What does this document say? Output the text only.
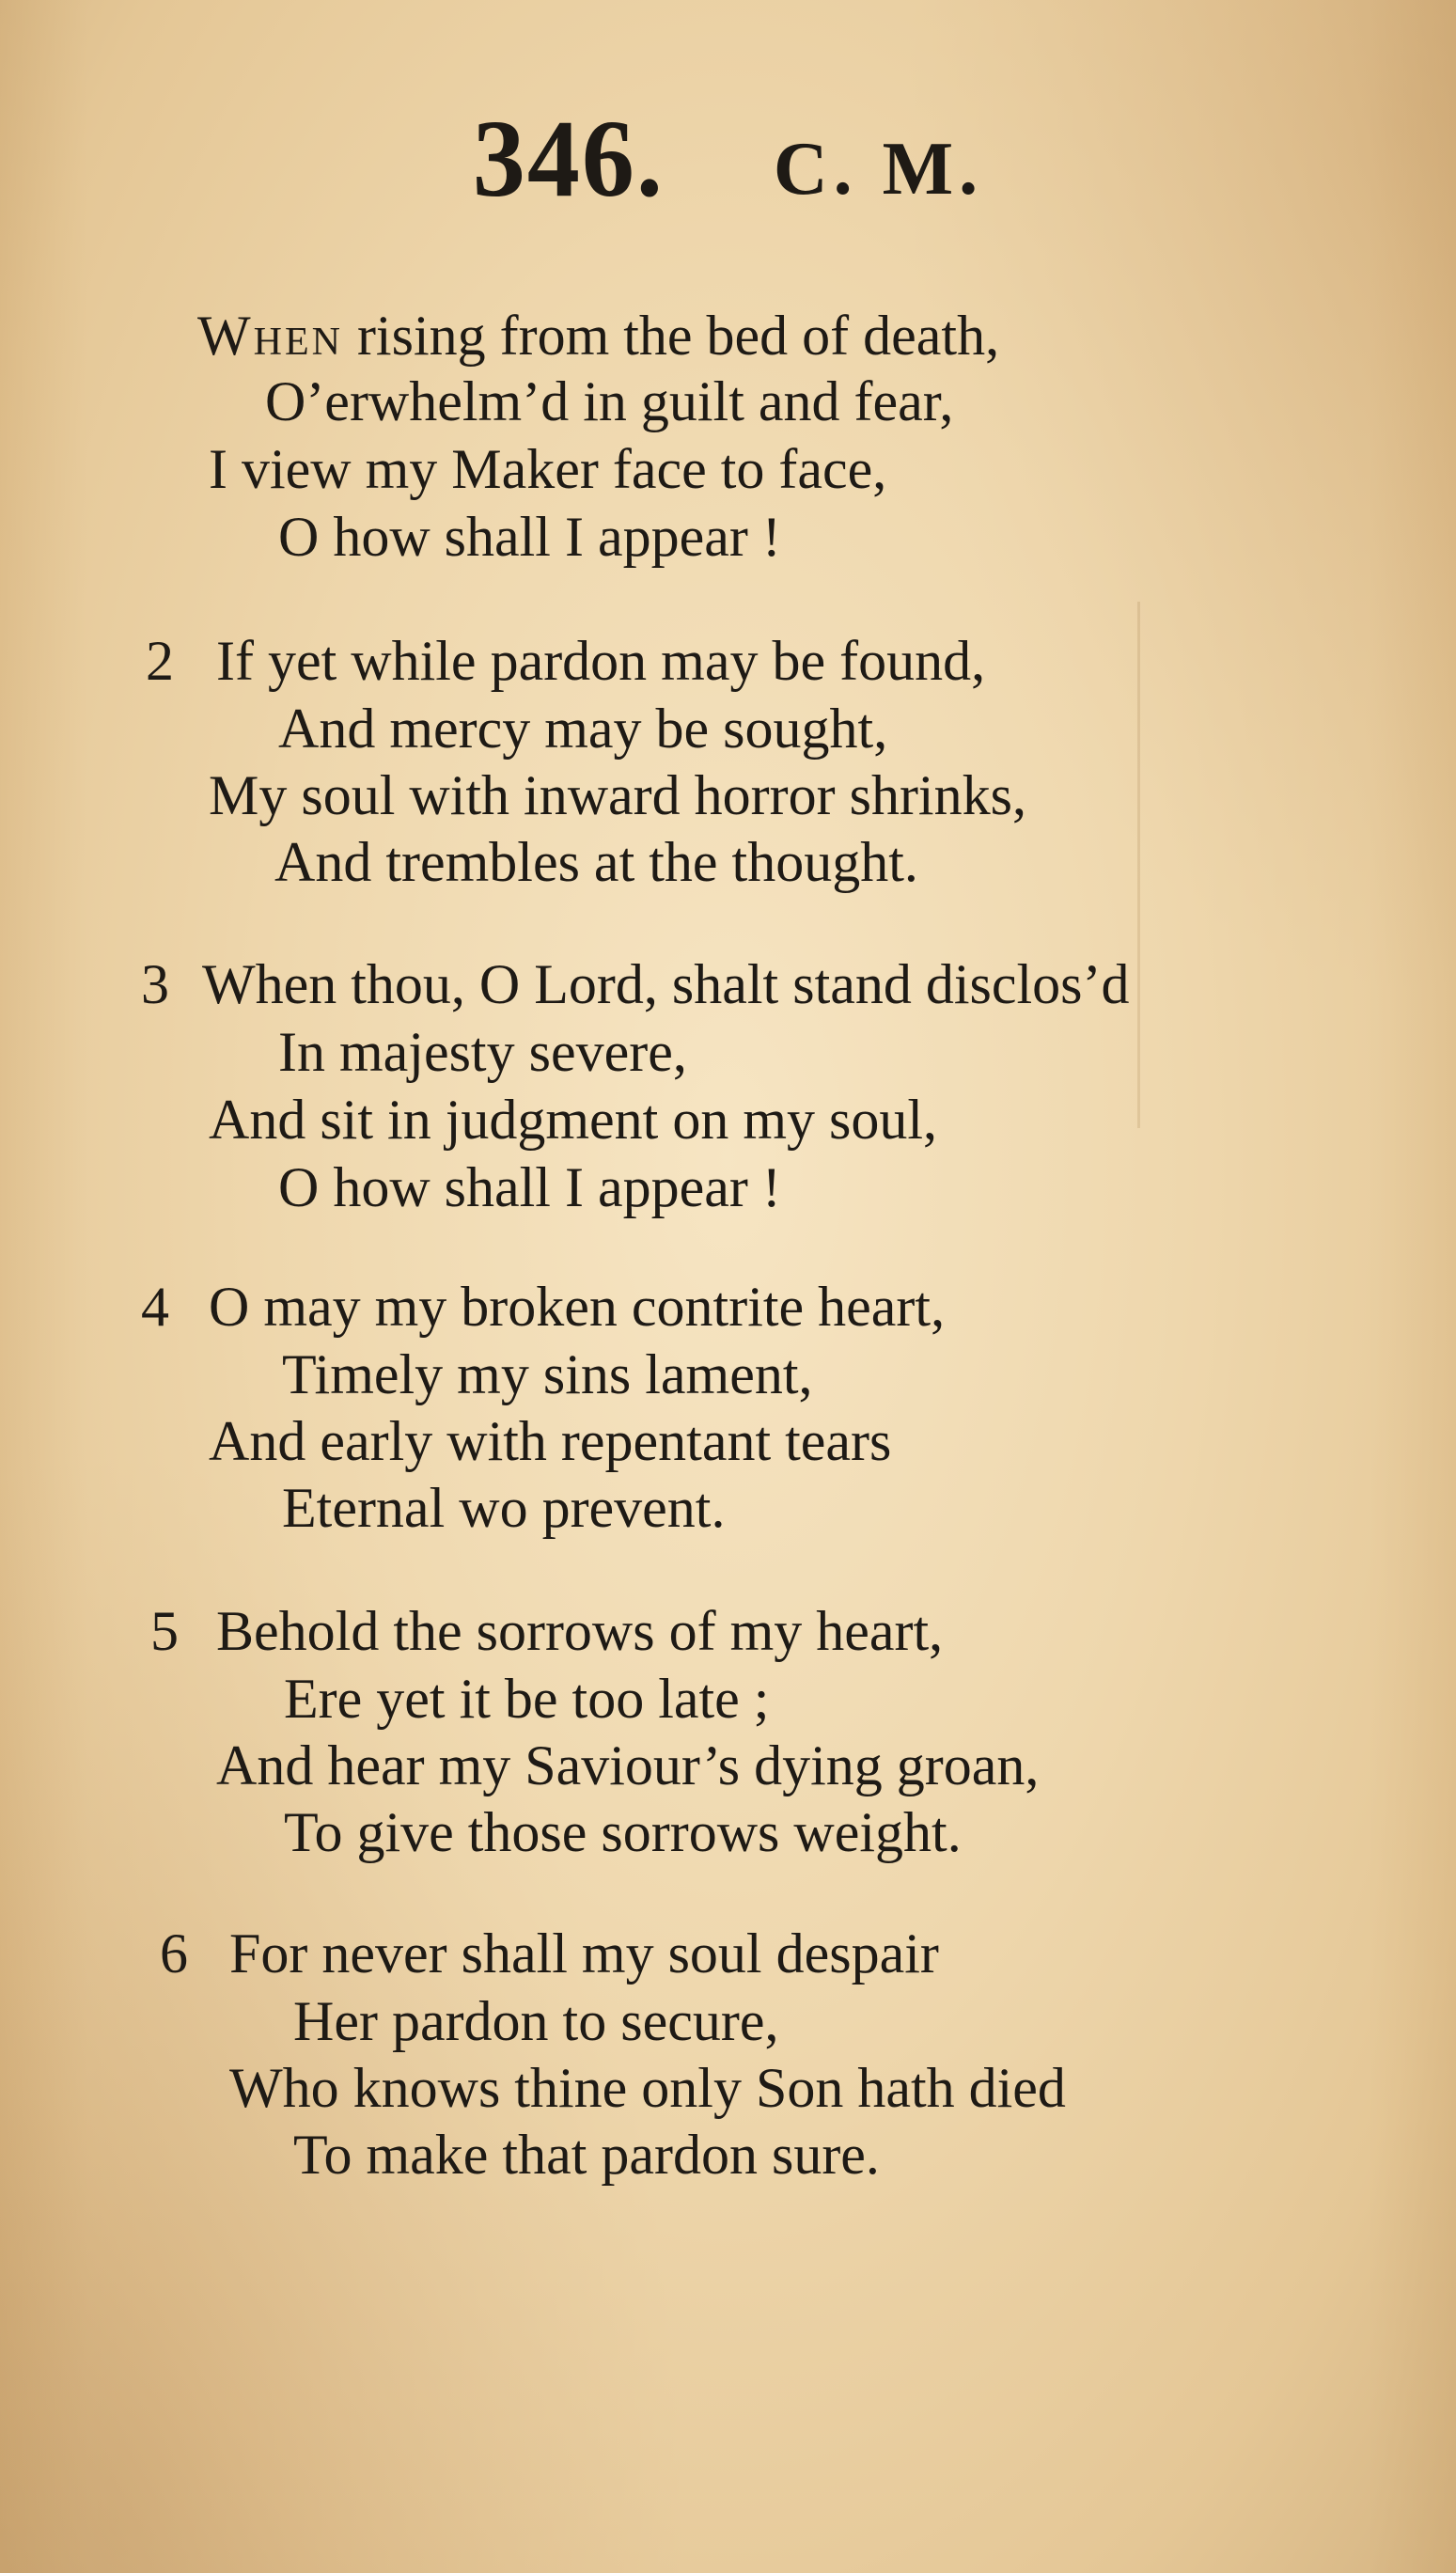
346. C. M.
When rising from the bed of death,
O’erwhelm’d in guilt and fear,
I view my Maker face to face,
O how shall I appear !
2 If yet while pardon may be found,
And mercy may be sought,
My soul with inward horror shrinks,
And trembles at the thought.
3 When thou, O Lord, shalt stand disclos’d
In majesty severe,
And sit in judgment on my soul,
O how shall I appear !
4 O may my broken contrite heart,
Timely my sins lament,
And early with repentant tears
Eternal wo prevent.
5 Behold the sorrows of my heart,
Ere yet it be too late ;
And hear my Saviour’s dying groan,
To give those sorrows weight.
6 For never shall my soul despair
Her pardon to secure,
Who knows thine only Son hath died
To make that pardon sure.
